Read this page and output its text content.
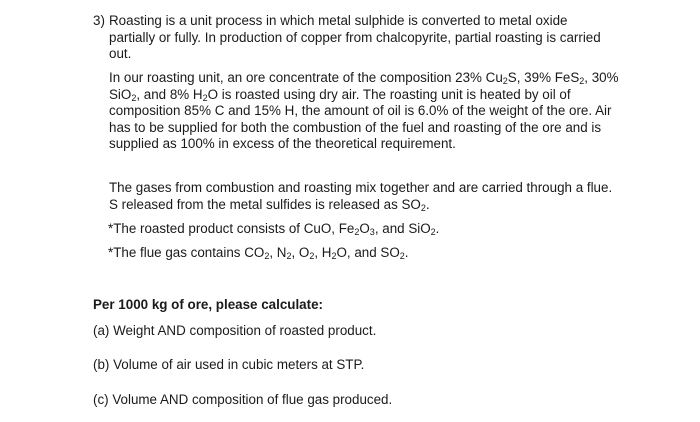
3) Roasting is a unit process in which metal sulphide is converted to metal oxide partially or fully. In production of copper from chalcopyrite, partial roasting is carried out.

In our roasting unit, an ore concentrate of the composition 23% $Cu_2S$, 39% FeS$_2$, 30% SiO$_2$, and 8% $H_2O$ is roasted using dry air. The roasting unit is heated by oil of composition 85% C and 15% H, the amount of oil is 6.0% of the weight of the ore. Air has to be supplied for both the combustion of the fuel and roasting of the ore and is supplied as 100% in excess of the theoretical requirement.

The gases from combustion and roasting mix together and are carried through a flue. S released from the metal sulfides is released as $SO_2$.

*The roasted product consists of CuO, $Fe_2O_3$, and SiO$_2$.
*The flue gas contains $CO_2$, $N_2$, $O_2$, $H_2O$, and $SO_2$.
Per 1000 kg of ore, please calculate:
(a) Weight AND composition of roasted product.
(b) Volume of air used in cubic meters at STP.
(c) Volume AND composition of flue gas produced.
